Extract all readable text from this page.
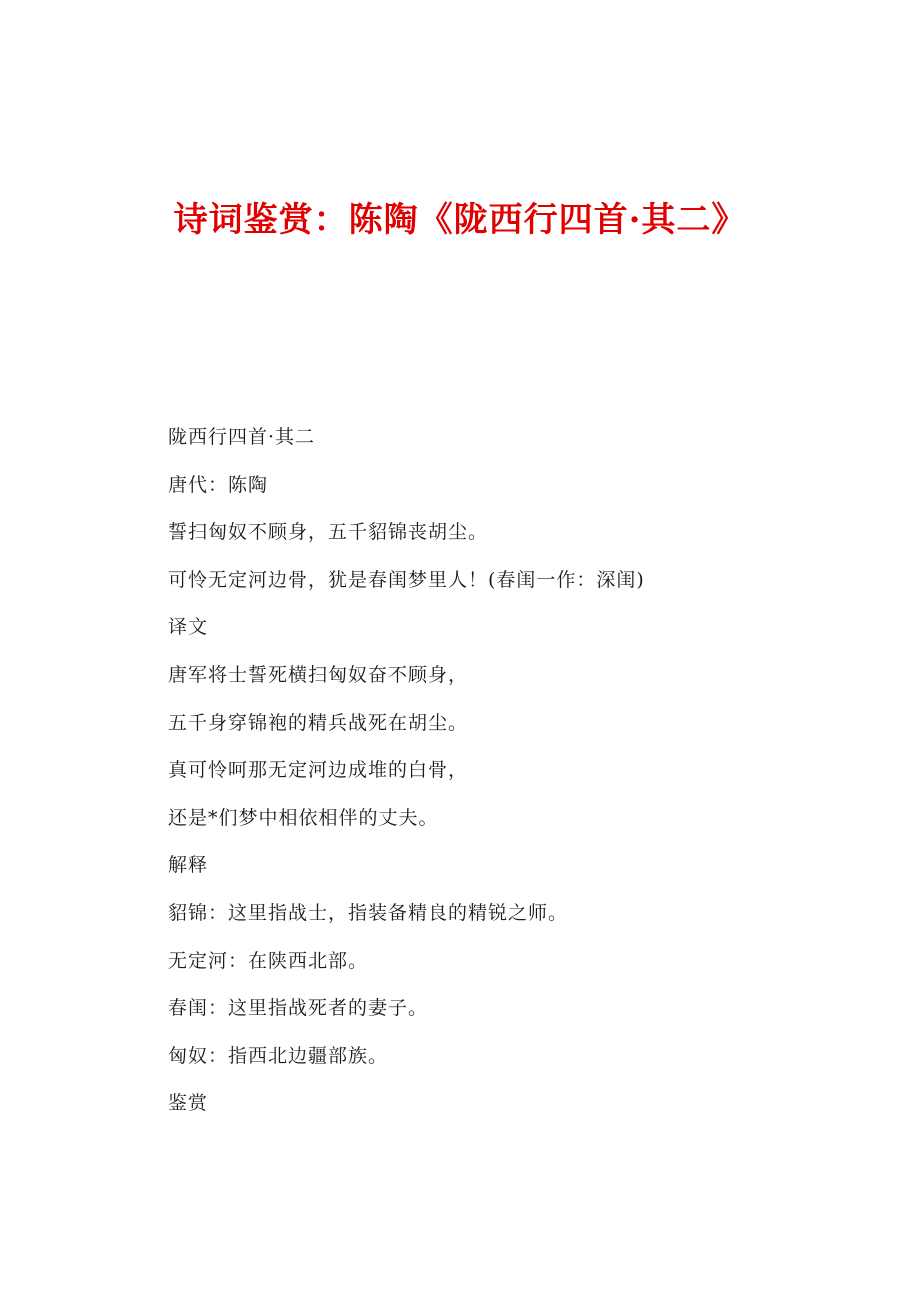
诗词鉴赏：陈陶《陇西行四首·其二》

陇西行四首·其二

唐代：陈陶

誓扫匈奴不顾身，五千貂锦丧胡尘。

可怜无定河边骨，犹是春闺梦里人！(春闺一作：深闺)

译文

唐军将士誓死横扫匈奴奋不顾身，

五千身穿锦袍的精兵战死在胡尘。

真可怜呵那无定河边成堆的白骨，

还是*们梦中相依相伴的丈夫。

解释

貂锦：这里指战士，指装备精良的精锐之师。

无定河：在陕西北部。

春闺：这里指战死者的妻子。

匈奴：指西北边疆部族。

鉴赏
